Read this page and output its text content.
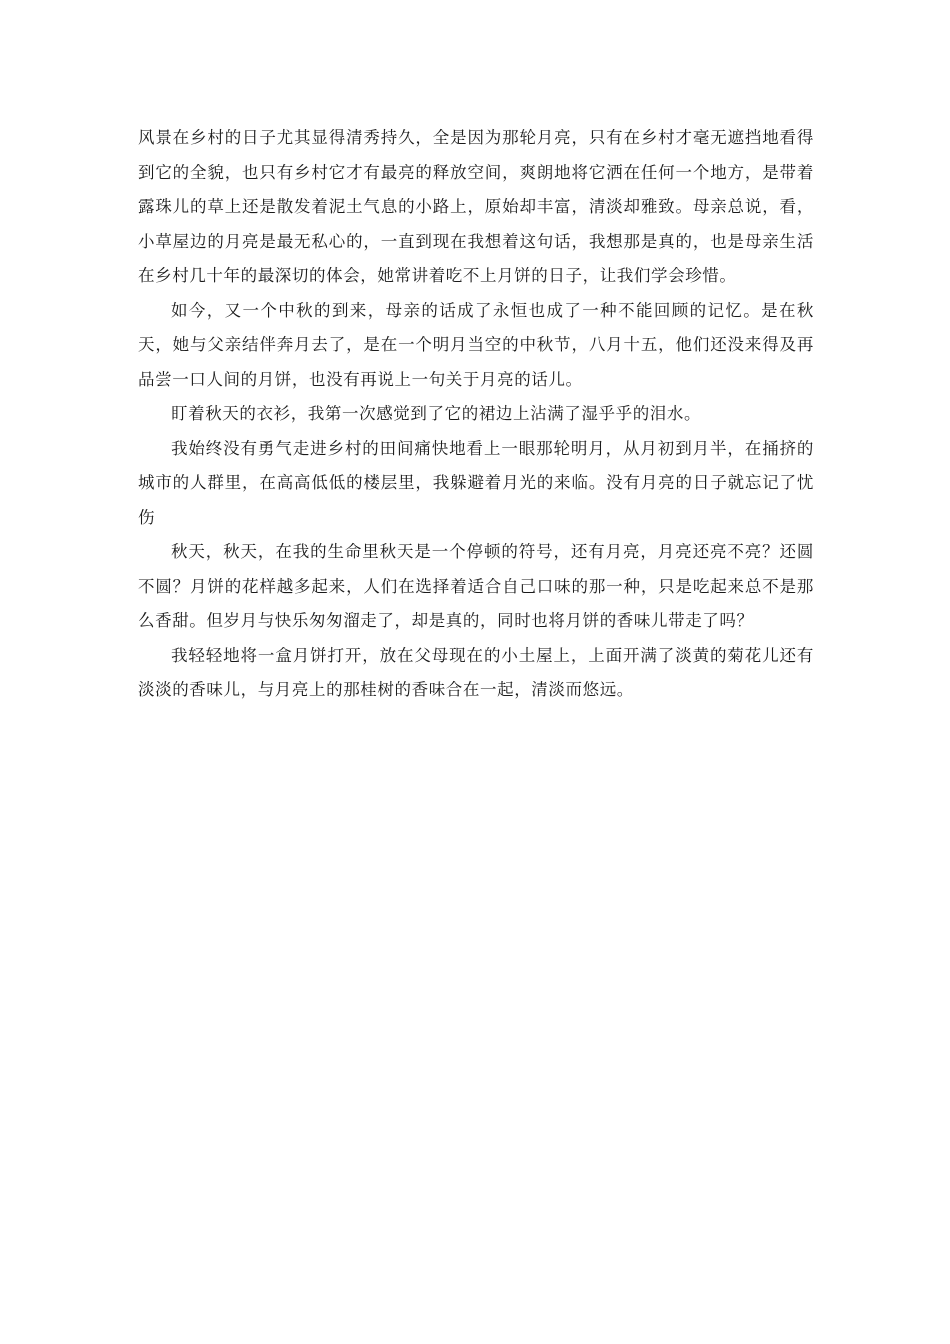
风景在乡村的日子尤其显得清秀持久，全是因为那轮月亮，只有在乡村才毫无遮挡地看得到它的全貌，也只有乡村它才有最亮的释放空间，爽朗地将它洒在任何一个地方，是带着露珠儿的草上还是散发着泥土气息的小路上，原始却丰富，清淡却雅致。母亲总说，看，小草屋边的月亮是最无私心的，一直到现在我想着这句话，我想那是真的，也是母亲生活在乡村几十年的最深切的体会，她常讲着吃不上月饼的日子，让我们学会珍惜。

如今，又一个中秋的到来，母亲的话成了永恒也成了一种不能回顾的记忆。是在秋天，她与父亲结伴奔月去了，是在一个明月当空的中秋节，八月十五，他们还没来得及再品尝一口人间的月饼，也没有再说上一句关于月亮的话儿。

盯着秋天的衣衫，我第一次感觉到了它的裙边上沾满了湿乎乎的泪水。

我始终没有勇气走进乡村的田间痛快地看上一眼那轮明月，从月初到月半，在捅挤的城市的人群里，在高高低低的楼层里，我躲避着月光的来临。没有月亮的日子就忘记了忧伤

秋天，秋天，在我的生命里秋天是一个停顿的符号，还有月亮，月亮还亮不亮？还圆不圆？月饼的花样越多起来，人们在选择着适合自己口味的那一种，只是吃起来总不是那么香甜。但岁月与快乐匆匆溜走了，却是真的，同时也将月饼的香味儿带走了吗？

我轻轻地将一盒月饼打开，放在父母现在的小土屋上，上面开满了淡黄的菊花儿还有淡淡的香味儿，与月亮上的那桂树的香味合在一起，清淡而悠远。
